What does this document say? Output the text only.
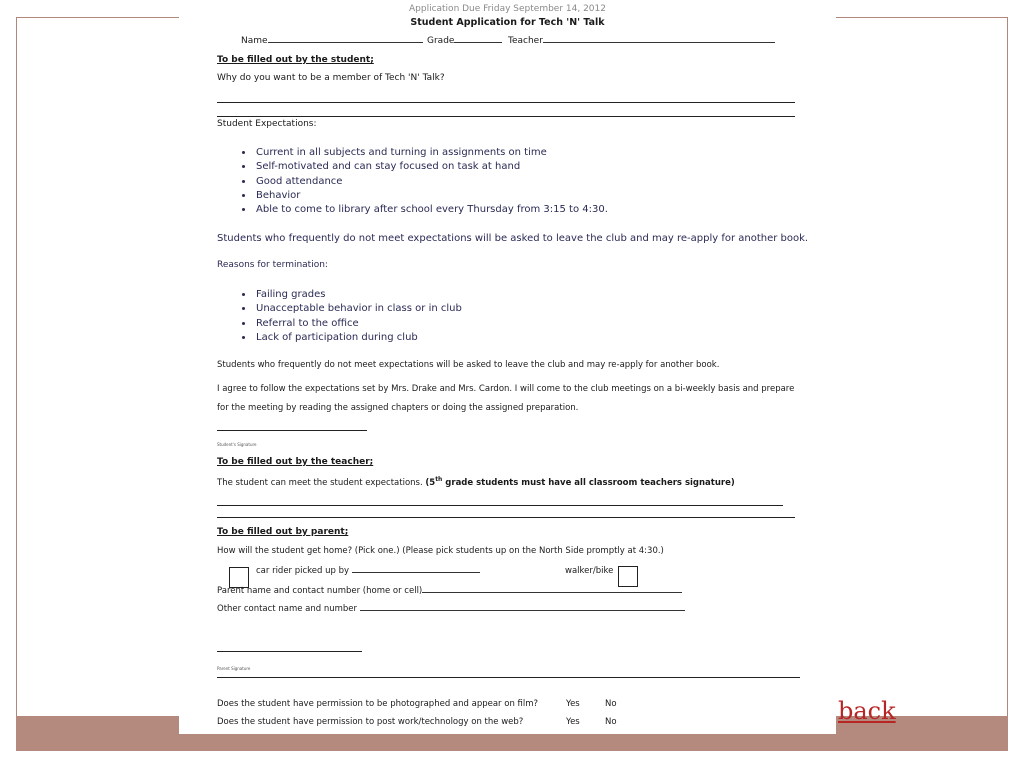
Application Due Friday September 14, 2012
Student Application for Tech 'N' Talk
Name	Grade	Teacher
To be filled out by the student;
Why do you want to be a member of Tech 'N' Talk?
Student Expectations:
• Current in all subjects and turning in assignments on time
• Self-motivated and can stay focused on task at hand
• Good attendance
• Behavior
• Able to come to library after school every Thursday from 3:15 to 4:30.
Students who frequently do not meet expectations will be asked to leave the club and may re-apply for another book.
Reasons for termination:
• Failing grades
• Unacceptable behavior in class or in club
• Referral to the office
• Lack of participation during club
Students who frequently do not meet expectations will be asked to leave the club and may re-apply for another book.
I agree to follow the expectations set by Mrs. Drake and Mrs. Cardon. I will come to the club meetings on a bi-weekly basis and prepare
for the meeting by reading the assigned chapters or doing the assigned preparation.
Student's Signature
To be filled out by the teacher;
The student can meet the student expectations. (5th grade students must have all classroom teachers signature)
To be filled out by parent;
How will the student get home? (Pick one.) (Please pick students up on the North Side promptly at 4:30.)
car rider picked up by	walker/bike
Parent name and contact number (home or cell)
Other contact name and number
Parent Signature
Does the student have permission to be photographed and appear on film?	Yes	No
Does the student have permission to post work/technology on the web?	Yes	No	back
